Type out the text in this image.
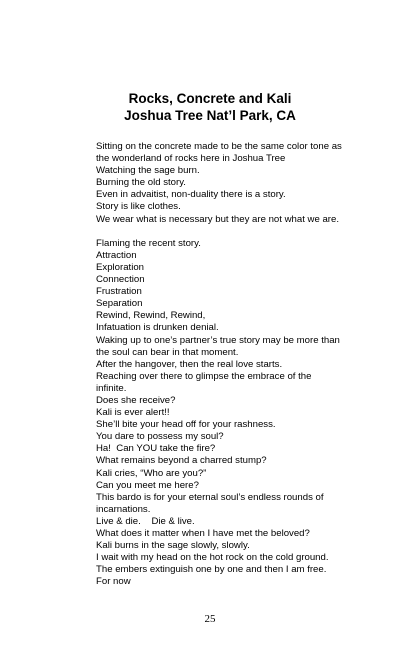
Rocks, Concrete and Kali
Joshua Tree Nat’l Park, CA
Sitting on the concrete made to be the same color tone as
the wonderland of rocks here in Joshua Tree
Watching the sage burn.
Burning the old story.
Even in advaitist, non-duality there is a story.
Story is like clothes.
We wear what is necessary but they are not what we are.
Flaming the recent story.
Attraction
Exploration
Connection
Frustration
Separation
Rewind, Rewind, Rewind,
Infatuation is drunken denial.
Waking up to one’s partner’s true story may be more than
the soul can bear in that moment.
After the hangover, then the real love starts.
Reaching over there to glimpse the embrace of the
infinite.
Does she receive?
Kali is ever alert!!
She’ll bite your head off for your rashness.
You dare to possess my soul?
Ha!  Can YOU take the fire?
What remains beyond a charred stump?
Kali cries, “Who are you?”
Can you meet me here?
This bardo is for your eternal soul’s endless rounds of
incarnations.
Live & die.    Die & live.
What does it matter when I have met the beloved?
Kali burns in the sage slowly, slowly.
I wait with my head on the hot rock on the cold ground.
The embers extinguish one by one and then I am free.
For now
25
